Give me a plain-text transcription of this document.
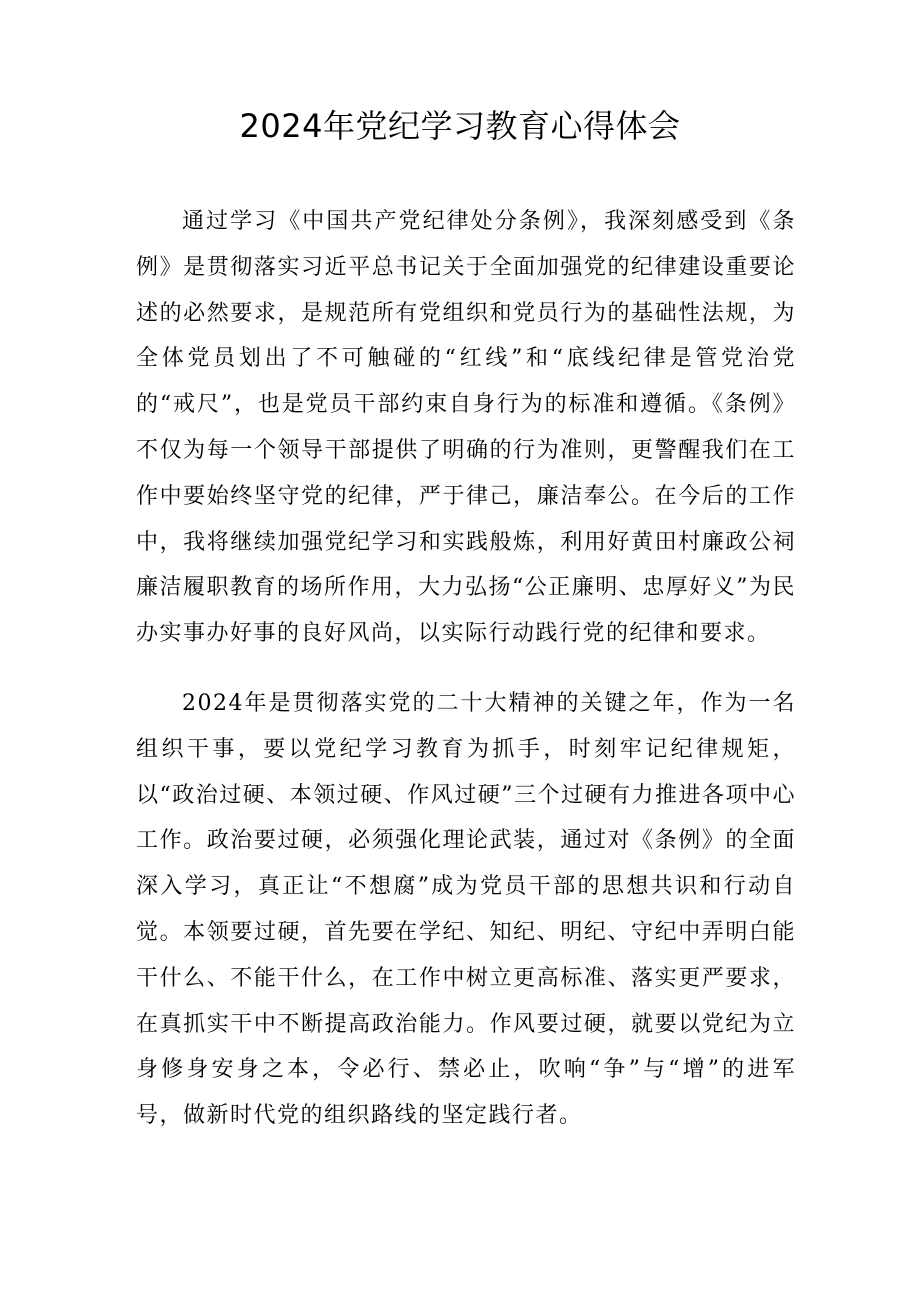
2024年党纪学习教育心得体会

通过学习《中国共产党纪律处分条例》，我深刻感受到《条例》是贯彻落实习近平总书记关于全面加强党的纪律建设重要论述的必然要求，是规范所有党组织和党员行为的基础性法规，为全体党员划出了不可触碰的“红线”和“底线纪律是管党治党的“戒尺”，也是党员干部约束自身行为的标准和遵循。《条例》不仅为每一个领导干部提供了明确的行为准则，更警醒我们在工作中要始终坚守党的纪律，严于律己，廉洁奉公。在今后的工作中，我将继续加强党纪学习和实践般炼，利用好黄田村廉政公祠廉洁履职教育的场所作用，大力弘扬“公正廉明、忠厚好义”为民办实事办好事的良好风尚，以实际行动践行党的纪律和要求。

2024年是贯彻落实党的二十大精神的关键之年，作为一名组织干事，要以党纪学习教育为抓手，时刻牢记纪律规矩，以“政治过硬、本领过硬、作风过硬”三个过硬有力推进各项中心工作。政治要过硬，必须强化理论武装，通过对《条例》的全面深入学习，真正让“不想腐”成为党员干部的思想共识和行动自觉。本领要过硬，首先要在学纪、知纪、明纪、守纪中弄明白能干什么、不能干什么，在工作中树立更高标准、落实更严要求，在真抓实干中不断提高政治能力。作风要过硬，就要以党纪为立身修身安身之本，令必行、禁必止，吹响“争”与“增”的进军号，做新时代党的组织路线的坚定践行者。
